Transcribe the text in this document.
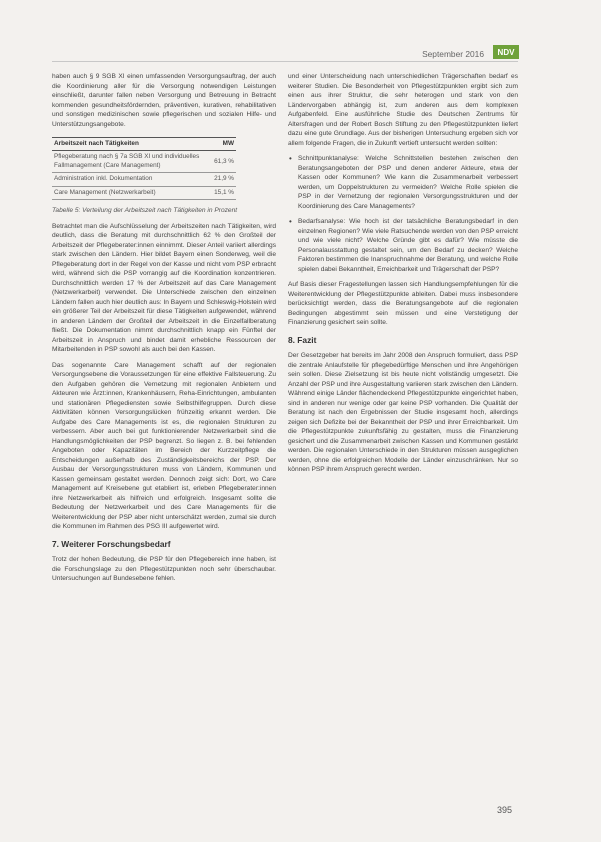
September 2016	NDV

haben auch § 9 SGB XI einen umfassenden Versorgungsauftrag, der auch die Koordinierung aller für die Versorgung notwendigen Leistungen einschließt, darunter fallen neben Versorgung und Betreuung in Betracht kommenden gesundheitsfördernden, präventiven, kurativen, rehabilitativen und sonstigen medizinischen sowie pflegerischen und sozialen Hilfe- und Unterstützungsangebote.

Arbeitszeit nach Tätigkeiten	MW
Pflegeberatung nach § 7a SGB XI und individuelles Fallmanagement (Care Management)	61,3 %
Administration inkl. Dokumentation	21,9 %
Care Management (Netzwerkarbeit)	15,1 %

Tabelle 5: Verteilung der Arbeitszeit nach Tätigkeiten in Prozent

Betrachtet man die Aufschlüsselung der Arbeitszeiten nach Tätigkeiten, wird deutlich, dass die Beratung mit durchschnittlich 62 % den Großteil der Arbeitszeit der Pflegeberater:innen einnimmt. Dieser Anteil variiert allerdings stark zwischen den Ländern. Hier bildet Bayern einen Sonderweg, weil die Pflegeberatung dort in der Regel von der Kasse und nicht vom PSP erbracht wird, während sich die PSP vorrangig auf die Koordination konzentrieren. Durchschnittlich werden 17 % der Arbeitszeit auf das Care Management (Netzwerkarbeit) verwendet. Die Unterschiede zwischen den einzelnen Ländern fallen auch hier deutlich aus: In Bayern und Schleswig-Holstein wird ein größerer Teil der Arbeitszeit für diese Tätigkeiten aufgewendet, während in anderen Ländern der Großteil der Arbeitszeit in die Einzelfallberatung fließt. Die Dokumentation nimmt durchschnittlich knapp ein Fünftel der Arbeitszeit in Anspruch und bindet damit erhebliche Ressourcen der Mitarbeitenden in PSP sowohl als auch bei den Kassen.

Das sogenannte Care Management schafft auf der regionalen Versorgungsebene die Voraussetzungen für eine effektive Fallsteuerung. Zu den Aufgaben gehören die Vernetzung mit regionalen Anbietern und Akteuren wie Ärzt:innen, Krankenhäusern, Reha-Einrichtungen, ambulanten und stationären Pflegediensten sowie Selbsthilfegruppen. Durch diese Aktivitäten können Versorgungslücken frühzeitig erkannt werden. Die Aufgabe des Care Managements ist es, die regionalen Strukturen zu verbessern. Aber auch bei gut funktionierender Netzwerkarbeit sind die Handlungsmöglichkeiten der PSP begrenzt. So liegen z. B. bei fehlenden Angeboten oder Kapazitäten im Bereich der Kurzzeitpflege die Entscheidungen außerhalb des Zuständigkeitsbereichs der PSP. Der Ausbau der Versorgungsstrukturen muss von Ländern, Kommunen und Kassen gemeinsam gestaltet werden. Dennoch zeigt sich: Dort, wo Care Management auf Kreisebene gut etabliert ist, erleben Pflegeberater:innen ihre Netzwerkarbeit als hilfreich und erfolgreich. Insgesamt sollte die Bedeutung der Netzwerkarbeit und des Care Managements für die Weiterentwicklung der PSP aber nicht unterschätzt werden, zumal sie durch die Kommunen im Rahmen des PSG III aufgewertet wird.

7. Weiterer Forschungsbedarf

Trotz der hohen Bedeutung, die PSP für den Pflegebereich inne haben, ist die Forschungslage zu den Pflegestützpunkten noch sehr überschaubar. Untersuchungen auf Bundesebene fehlen.

und einer Unterscheidung nach unterschiedlichen Trägerschaften bedarf es weiterer Studien. Die Besonderheit von Pflegestützpunkten ergibt sich zum einen aus ihrer Struktur, die sehr heterogen und stark von den Ländervorgaben abhängig ist, zum anderen aus dem komplexen Aufgabenfeld. Eine ausführliche Studie des Deutschen Zentrums für Altersfragen und der Robert Bosch Stiftung zu den Pflegestützpunkten liefert dazu eine gute Grundlage. Aus der bisherigen Untersuchung ergeben sich vor allem folgende Fragen, die in Zukunft vertieft untersucht werden sollten:

• Schnittpunktanalyse: Welche Schnittstellen bestehen zwischen den Beratungsangeboten der PSP und denen anderer Akteure, etwa der Kassen oder Kommunen? Wie kann die Zusammenarbeit verbessert werden, um Doppelstrukturen zu vermeiden? Welche Rolle spielen die PSP in der Vernetzung der regionalen Versorgungsstrukturen und der Koordinierung des Care Managements?
• Bedarfsanalyse: Wie hoch ist der tatsächliche Beratungsbedarf in den einzelnen Regionen? Wie viele Ratsuchende werden von den PSP erreicht und wie viele nicht? Welche Gründe gibt es dafür? Wie müsste die Personalausstattung gestaltet sein, um den Bedarf zu decken? Welche Faktoren bestimmen die Inanspruchnahme der Beratung, und welche Rolle spielen dabei Bekanntheit, Erreichbarkeit und Trägerschaft der PSP?

Auf Basis dieser Fragestellungen lassen sich Handlungsempfehlungen für die Weiterentwicklung der Pflegestützpunkte ableiten. Dabei muss insbesondere berücksichtigt werden, dass die Beratungsangebote auf die regionalen Bedingungen abgestimmt sein müssen und eine Verstetigung der Finanzierung gesichert sein sollte.

8. Fazit

Der Gesetzgeber hat bereits im Jahr 2008 den Anspruch formuliert, dass PSP die zentrale Anlaufstelle für pflegebedürftige Menschen und ihre Angehörigen sein sollen. Diese Zielsetzung ist bis heute nicht vollständig umgesetzt. Die Anzahl der PSP und ihre Ausgestaltung variieren stark zwischen den Ländern. Während einige Länder flächendeckend Pflegestützpunkte eingerichtet haben, sind in anderen nur wenige oder gar keine PSP vorhanden. Die Qualität der Beratung ist nach den Ergebnissen der Studie insgesamt hoch, allerdings zeigen sich Defizite bei der Bekanntheit der PSP und ihrer Erreichbarkeit. Um die Pflegestützpunkte zukunftsfähig zu gestalten, muss die Finanzierung gesichert und die Zusammenarbeit zwischen Kassen und Kommunen gestärkt werden. Die regionalen Unterschiede in den Strukturen müssen ausgeglichen werden, ohne die erfolgreichen Modelle der Länder einzuschränken. Nur so können PSP ihrem Anspruch gerecht werden.

395
